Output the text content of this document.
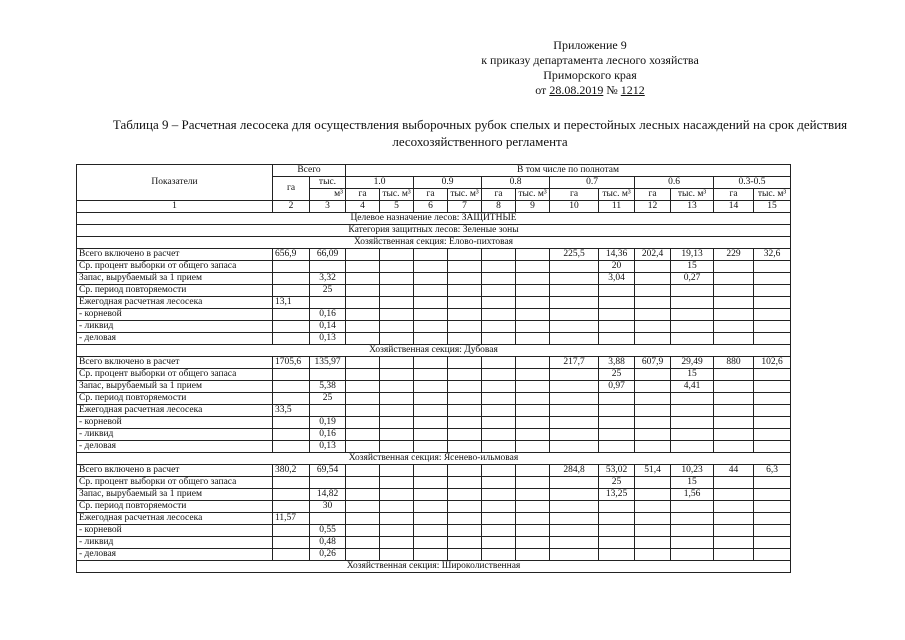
Приложение 9
к приказу департамента лесного хозяйства
Приморского края
от 28.08.2019 № 1212
Таблица 9 – Расчетная лесосека для осуществления выборочных рубок спелых и перестойных лесных насаждений на срок действия лесохозяйственного регламента
Показатели	Всего		В том числе по полнотам											
	га	тыс.	1.0		0.9		0.8		0.7		0.6		0.3-0.5	
		м³	га	тыс. м³	га	тыс. м³	га	тыс. м³	га	тыс. м³	га	тыс. м³	га	тыс. м³
1	2	3	4	5	6	7	8	9	10	11	12	13	14	15
Целевое назначение лесов: ЗАЩИТНЫЕ														
Категория защитных лесов: Зеленые зоны														
Хозяйственная секция: Елово-пихтовая														
Всего включено в расчет	656,9	66,09							225,5	14,36	202,4	19,13	229	32,6
Ср. процент выборки от общего запаса										20		15		
Запас, вырубаемый за 1 прием		3,32								3,04		0,27		
Ср. период повторяемости		25												
Ежегодная расчетная лесосека	13,1													
- корневой		0,16												
- ликвид		0,14												
- деловая		0,13												
Хозяйственная секция: Дубовая														
Всего включено в расчет	1705,6	135,97							217,7	3,88	607,9	29,49	880	102,6
Ср. процент выборки от общего запаса										25		15		
Запас, вырубаемый за 1 прием		5,38								0,97		4,41		
Ср. период повторяемости		25												
Ежегодная расчетная лесосека	33,5													
- корневой		0,19												
- ликвид		0,16												
- деловая		0,13												
Хозяйственная секция: Ясенево-ильмовая														
Всего включено в расчет	380,2	69,54							284,8	53,02	51,4	10,23	44	6,3
Ср. процент выборки от общего запаса										25		15		
Запас, вырубаемый за 1 прием		14,82								13,25		1,56		
Ср. период повторяемости		30												
Ежегодная расчетная лесосека	11,57													
- корневой		0,55												
- ликвид		0,48												
- деловая		0,26												
Хозяйственная секция: Широколиственная														
